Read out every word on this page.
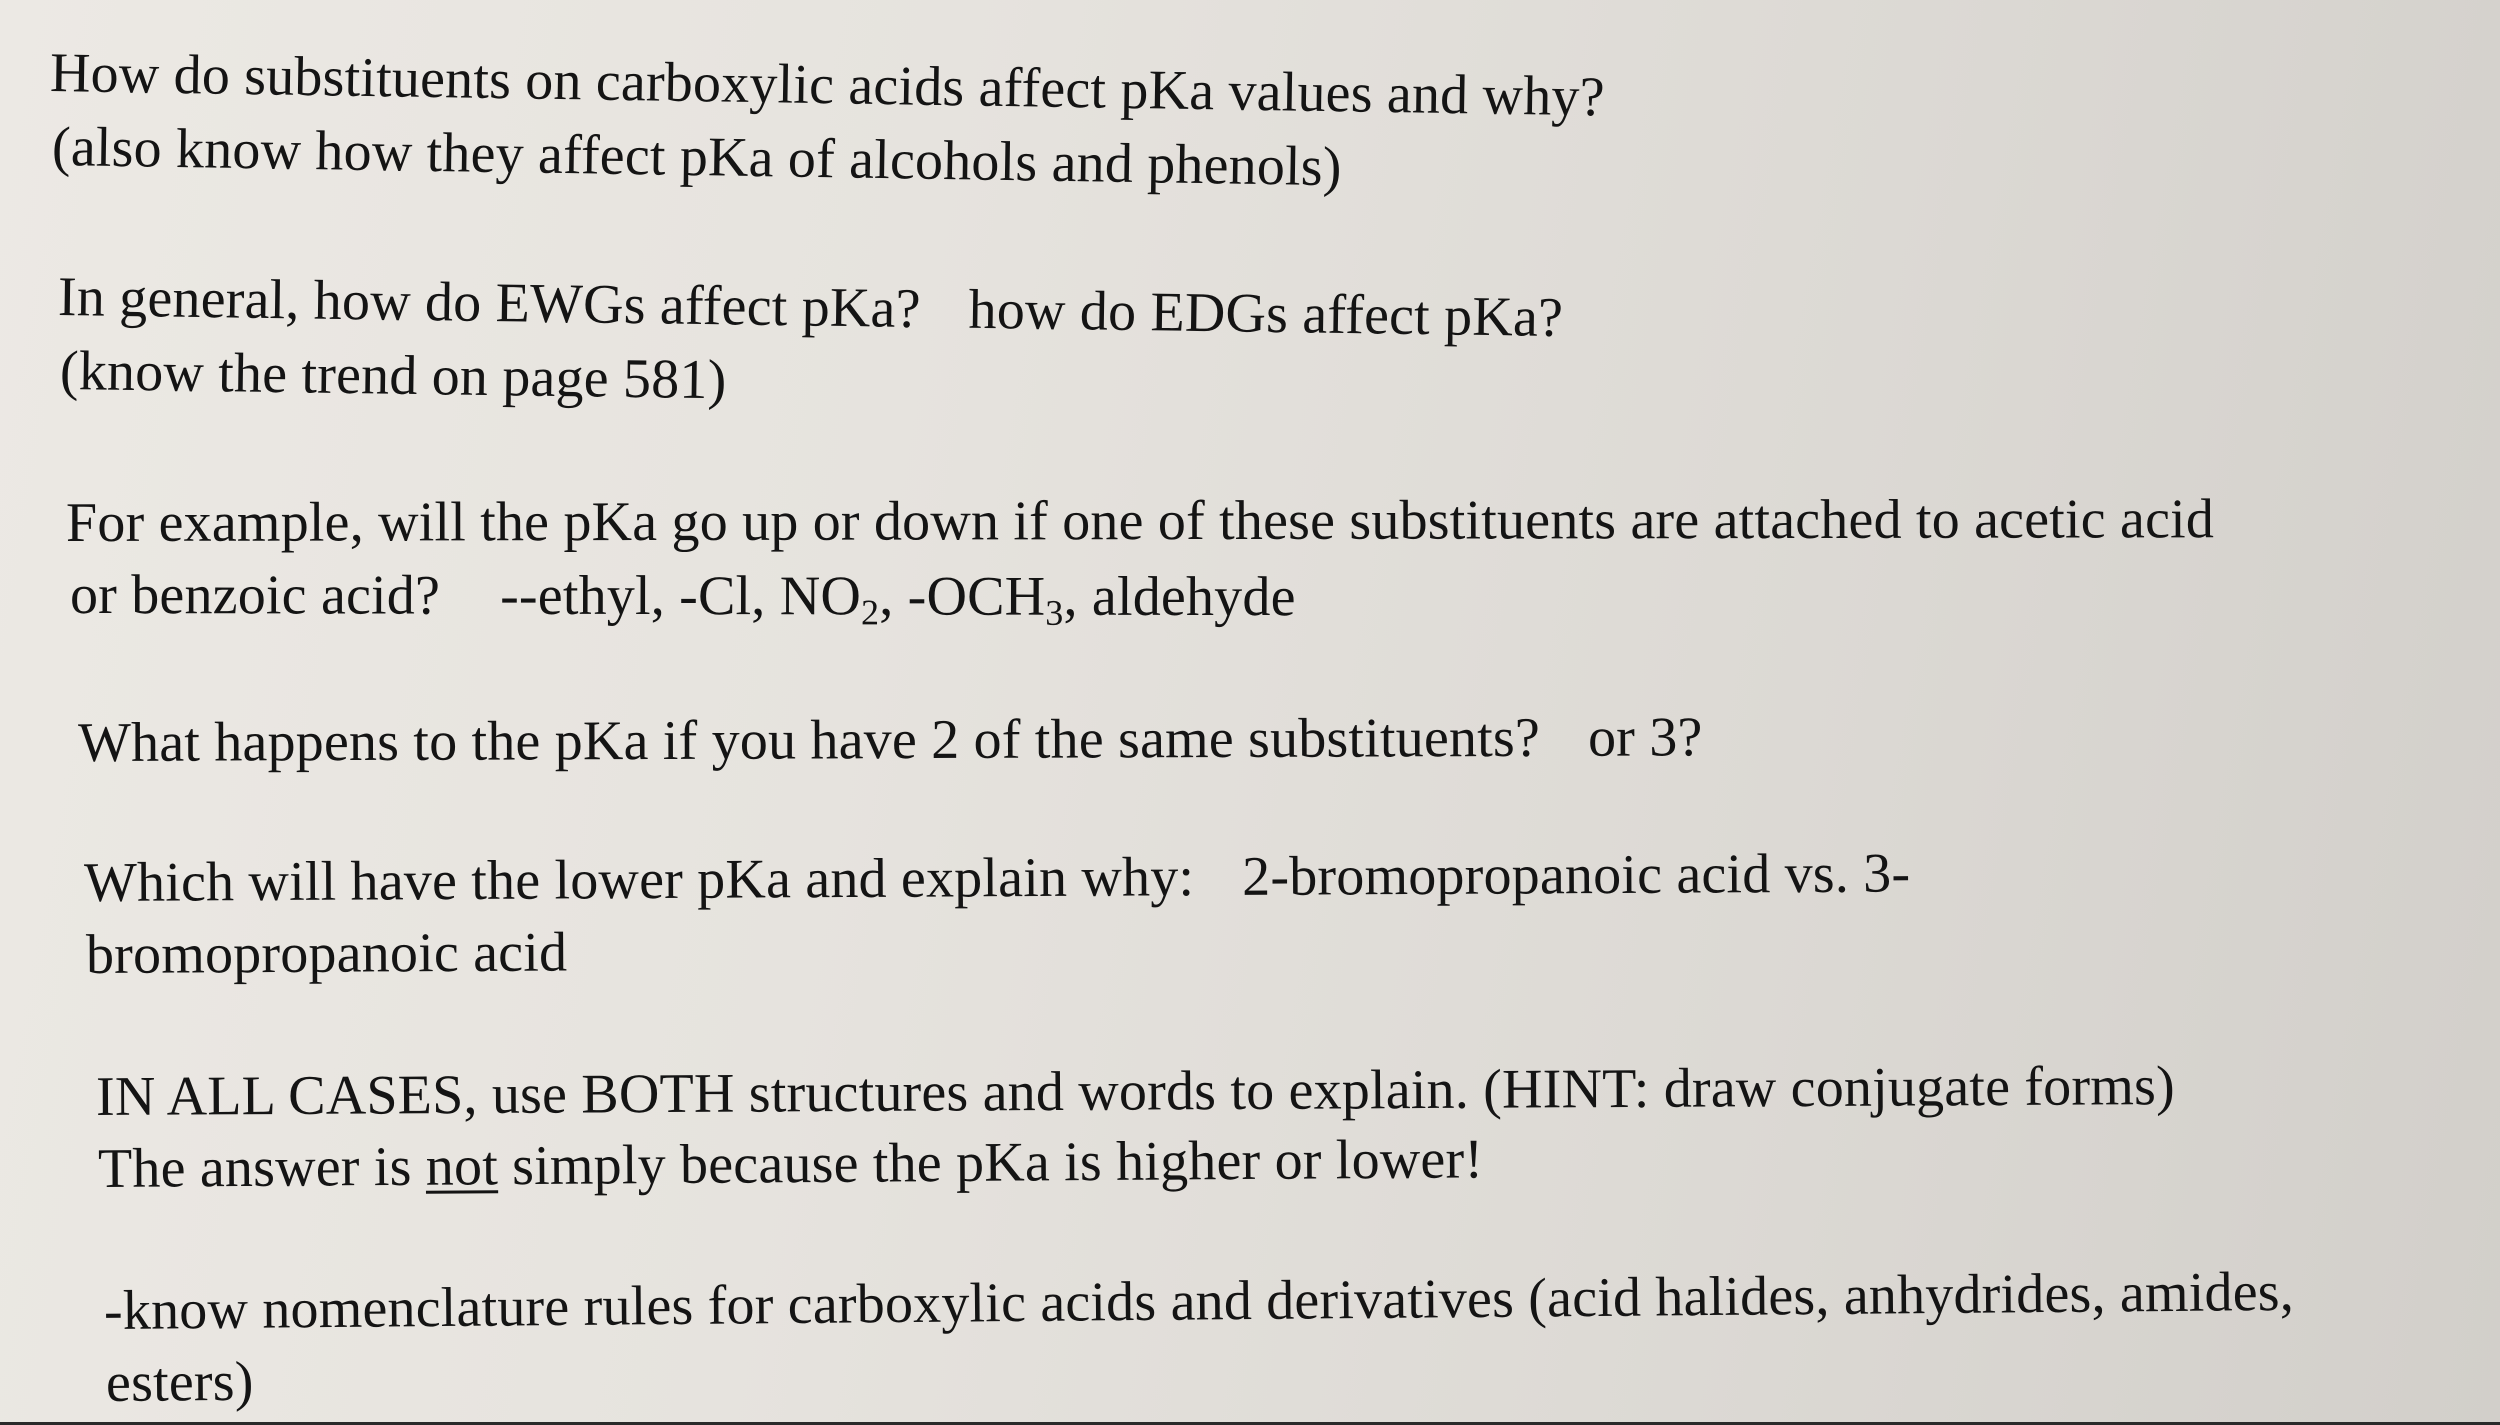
How do substituents on carboxylic acids affect pKa values and why?
(also know how they affect pKa of alcohols and phenols)
In general, how do EWGs affect pKa? how do EDGs affect pKa?
(know the trend on page 581)
For example, will the pKa go up or down if one of these substituents are attached to acetic acid
or benzoic acid? --ethyl, -Cl, $NO_2$, $-OCH_3$, aldehyde
What happens to the pKa if you have 2 of the same substituents? or 3?
Which will have the lower pKa and explain why: 2-bromopropanoic acid vs. 3-
bromopropanoic acid
IN ALL CASES, use BOTH structures and words to explain. (HINT: draw conjugate forms)
The answer is not simply because the pKa is higher or lower!
-know nomenclature rules for carboxylic acids and derivatives (acid halides, anhydrides, amides,
esters)
